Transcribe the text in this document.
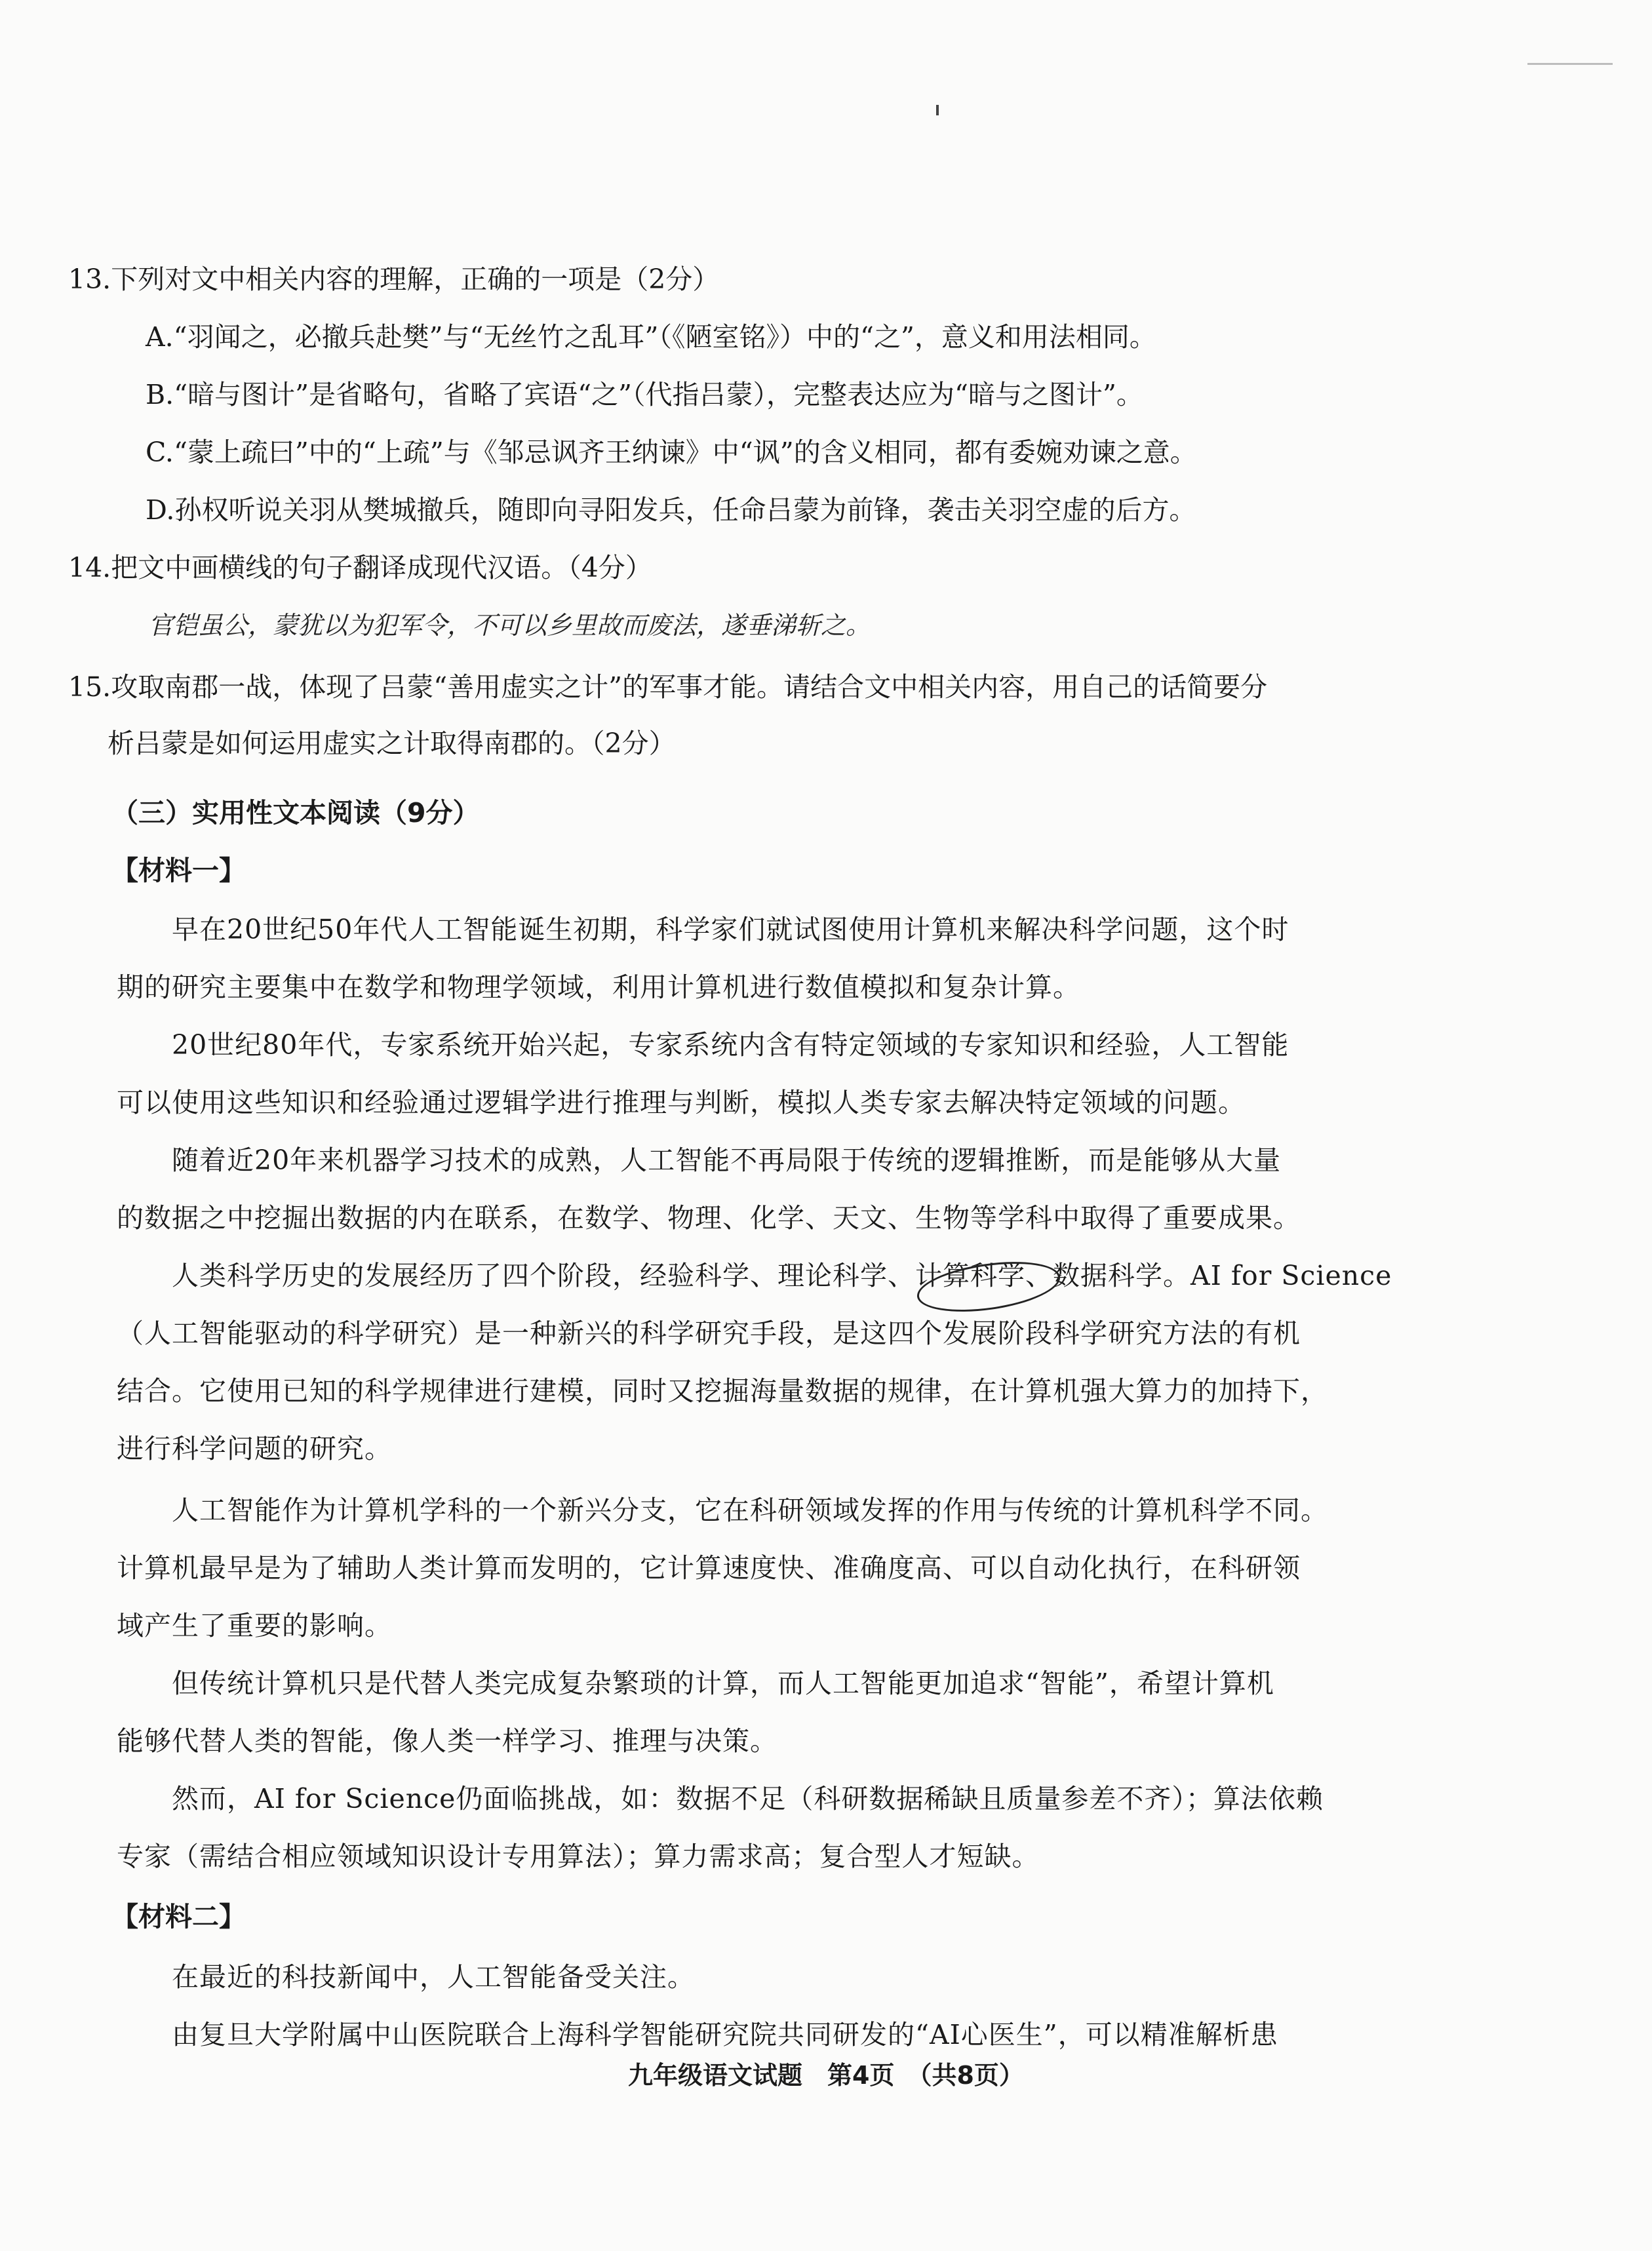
13.下列对文中相关内容的理解，正确的一项是（2分）
A.“羽闻之，必撤兵赴樊”与“无丝竹之乱耳”（《陋室铭》）中的“之”，意义和用法相同。
B.“暗与图计”是省略句，省略了宾语“之”（代指吕蒙），完整表达应为“暗与之图计”。
C.“蒙上疏曰”中的“上疏”与《邹忌讽齐王纳谏》中“讽”的含义相同，都有委婉劝谏之意。
D.孙权听说关羽从樊城撤兵，随即向寻阳发兵，任命吕蒙为前锋，袭击关羽空虚的后方。
14.把文中画横线的句子翻译成现代汉语。（4分）
官铠虽公，蒙犹以为犯军令，不可以乡里故而废法，遂垂涕斩之。
15.攻取南郡一战，体现了吕蒙“善用虚实之计”的军事才能。请结合文中相关内容，用自己的话简要分
析吕蒙是如何运用虚实之计取得南郡的。（2分）
（三）实用性文本阅读（9分）
【材料一】
早在20世纪50年代人工智能诞生初期，科学家们就试图使用计算机来解决科学问题，这个时
期的研究主要集中在数学和物理学领域，利用计算机进行数值模拟和复杂计算。
20世纪80年代，专家系统开始兴起，专家系统内含有特定领域的专家知识和经验，人工智能
可以使用这些知识和经验通过逻辑学进行推理与判断，模拟人类专家去解决特定领域的问题。
随着近20年来机器学习技术的成熟，人工智能不再局限于传统的逻辑推断，而是能够从大量
的数据之中挖掘出数据的内在联系，在数学、物理、化学、天文、生物等学科中取得了重要成果。
人类科学历史的发展经历了四个阶段，经验科学、理论科学、计算科学、数据科学。AI for Science
（人工智能驱动的科学研究）是一种新兴的科学研究手段，是这四个发展阶段科学研究方法的有机
结合。它使用已知的科学规律进行建模，同时又挖掘海量数据的规律，在计算机强大算力的加持下，
进行科学问题的研究。
人工智能作为计算机学科的一个新兴分支，它在科研领域发挥的作用与传统的计算机科学不同。
计算机最早是为了辅助人类计算而发明的，它计算速度快、准确度高、可以自动化执行，在科研领
域产生了重要的影响。
但传统计算机只是代替人类完成复杂繁琐的计算，而人工智能更加追求“智能”，希望计算机
能够代替人类的智能，像人类一样学习、推理与决策。
然而，AI for Science仍面临挑战，如：数据不足（科研数据稀缺且质量参差不齐）；算法依赖
专家（需结合相应领域知识设计专用算法）；算力需求高；复合型人才短缺。
【材料二】
在最近的科技新闻中，人工智能备受关注。
由复旦大学附属中山医院联合上海科学智能研究院共同研发的“AI心医生”，可以精准解析患
九年级语文试题　第4页　（共8页）
